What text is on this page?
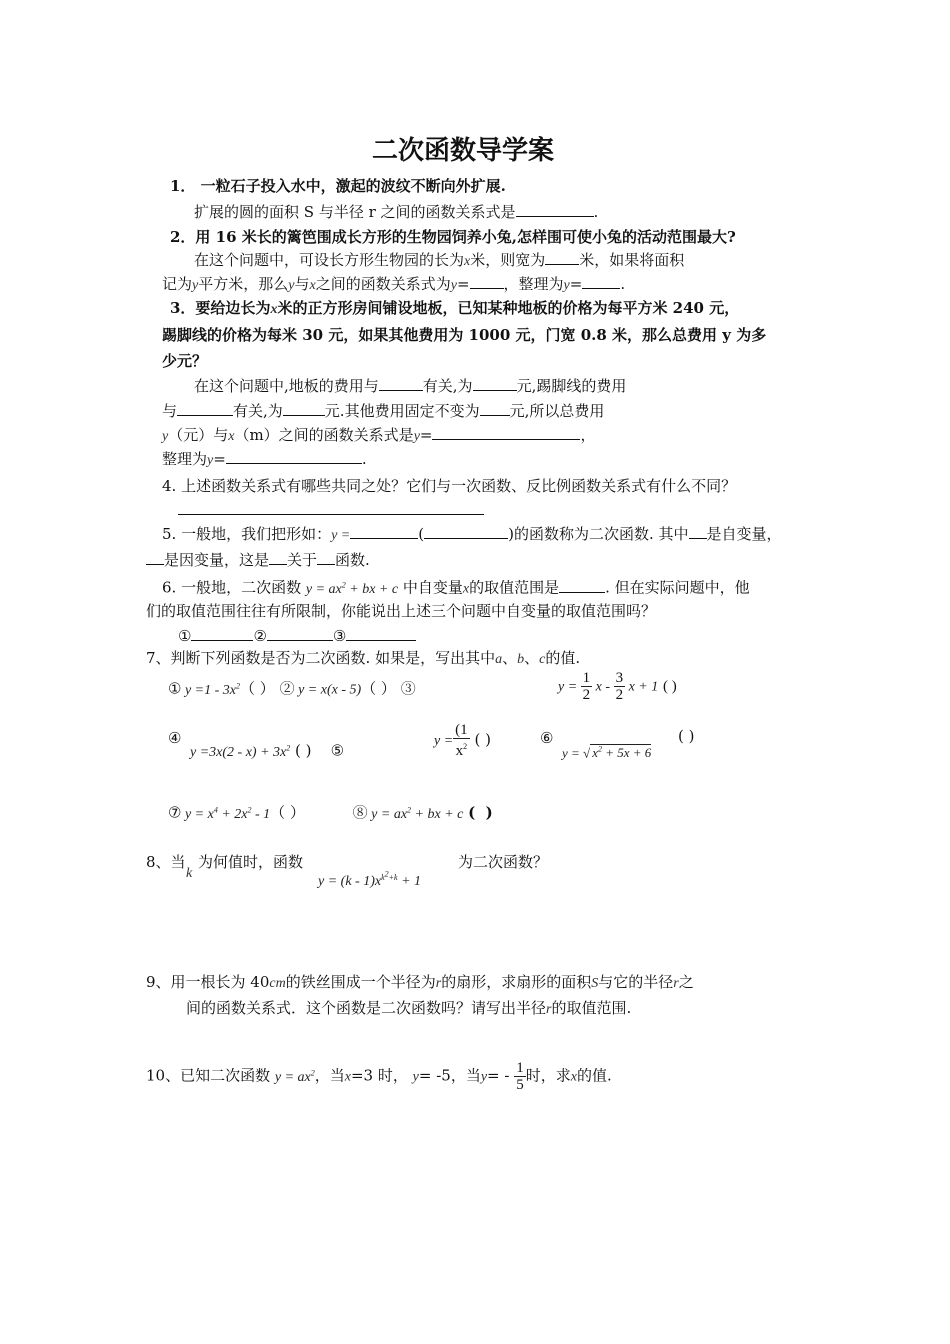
二次函数导学案
1． 一粒石子投入水中，激起的波纹不断向外扩展.
扩展的圆的面积 S 与半径 r 之间的函数关系式是	.
2．用 16 米长的篱笆围成长方形的生物园饲养小兔,怎样围可使小兔的活动范围最大?
在这个问题中，可设长方形生物园的长为x米，则宽为 米，如果将面积
记为y平方米，那么y与x之间的函数关系式为y= ，整理为y=	.
3．要给边长为x米的正方形房间铺设地板，已知某种地板的价格为每平方米 240 元，
踢脚线的价格为每米 30 元，如果其他费用为 1000 元，门宽 0.8 米，那么总费用 y 为多
少元？
在这个问题中,地板的费用与	有关,为	元,踢脚线的费用
与	有关,为	元.其他费用固定不变为 元,所以总费用
y（元）与x（m）之间的函数关系式是y=	，
整理为y=	.
4. 上述函数关系式有哪些共同之处？它们与一次函数、反比例函数关系式有什么不同？
5. 一般地，我们把形如：y =	(	)的函数称为二次函数. 其中 是自变量，
是因变量，这是 关于 函数.
6. 一般地，二次函数 $y = ax^2$ + bx + c 中自变量x的取值范围是	. 但在实际问题中，他
们的取值范围往往有所限制，你能说出上述三个问题中自变量的取值范围吗？
①	②	③
7、判断下列函数是否为二次函数. 如果是，写出其中a、b、c的值.
① $y =1 - 3x^2$（ ） ② y = x(x - 5)（ ） ③	$y = \frac{1}{2}$ x - $\frac{3}{2}$ x + 1 ( )
④
$y =3x(2 - x) + 3x^2$ ( ) ⑤
$y = \frac{(1}{x^2}$ ( )	⑥
y = √ $x^2 + 5x + 6$
( )
⑦ $y = x^4 + 2x^2 - 1$（ ）	⑧ $y = ax^2$ + bx + c (  )
8、当
k
为何值时，函数
$y = (k - 1)x^{k^2+k} + 1$
为二次函数？
9、用一根长为 40cm的铁丝围成一个半径为r的扇形，求扇形的面积S与它的半径r之
间的函数关系式．这个函数是二次函数吗？请写出半径r的取值范围.
10、已知二次函数 $y = ax^2$，当x=3 时， y= -5，当$y= - \frac{1}{5}$ 时，求x的值.
